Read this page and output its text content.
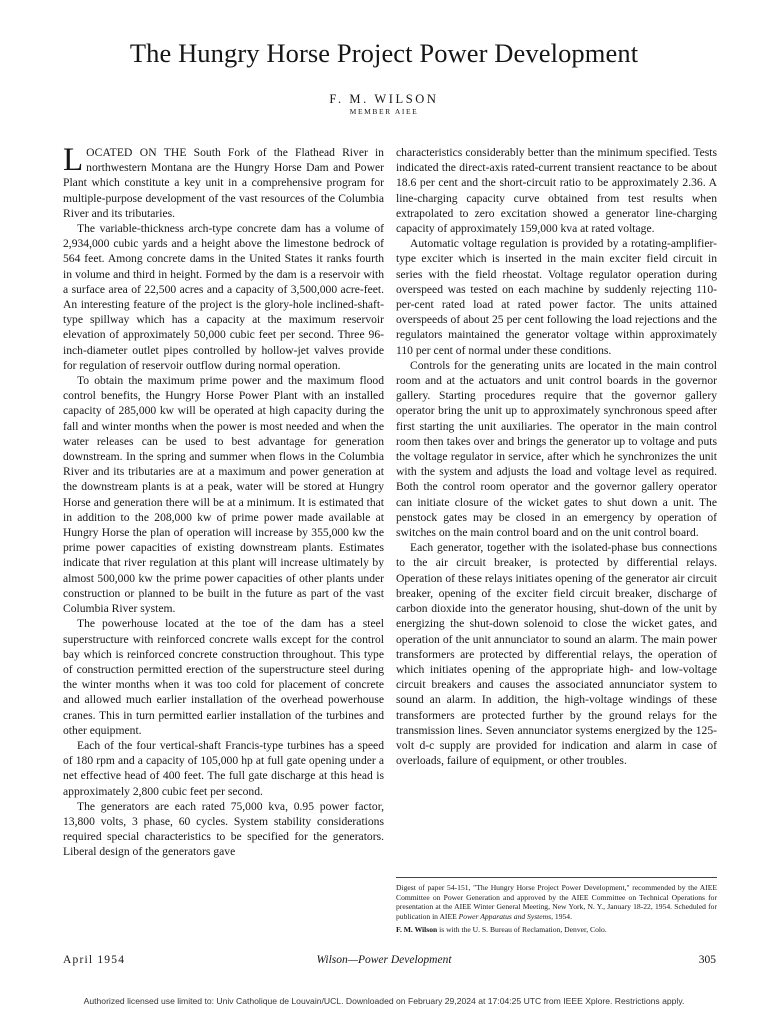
The Hungry Horse Project Power Development
F. M. WILSON
MEMBER AIEE

LOCATED ON THE South Fork of the Flathead River in northwestern Montana are the Hungry Horse Dam and Power Plant which constitute a key unit in a comprehensive program for multiple-purpose development of the vast resources of the Columbia River and its tributaries.

The variable-thickness arch-type concrete dam has a volume of 2,934,000 cubic yards and a height above the limestone bedrock of 564 feet. Among concrete dams in the United States it ranks fourth in volume and third in height. Formed by the dam is a reservoir with a surface area of 22,500 acres and a capacity of 3,500,000 acre-feet. An interesting feature of the project is the glory-hole inclined-shaft-type spillway which has a capacity at the maximum reservoir elevation of approximately 50,000 cubic feet per second. Three 96-inch-diameter outlet pipes controlled by hollow-jet valves provide for regulation of reservoir outflow during normal operation.

To obtain the maximum prime power and the maximum flood control benefits, the Hungry Horse Power Plant with an installed capacity of 285,000 kw will be operated at high capacity during the fall and winter months when the power is most needed and when the water releases can be used to best advantage for generation downstream. In the spring and summer when flows in the Columbia River and its tributaries are at a maximum and power generation at the downstream plants is at a peak, water will be stored at Hungry Horse and generation there will be at a minimum. It is estimated that in addition to the 208,000 kw of prime power made available at Hungry Horse the plan of operation will increase by 355,000 kw the prime power capacities of existing downstream plants. Estimates indicate that river regulation at this plant will increase ultimately by almost 500,000 kw the prime power capacities of other plants under construction or planned to be built in the future as part of the vast Columbia River system.

The powerhouse located at the toe of the dam has a steel superstructure with reinforced concrete walls except for the control bay which is reinforced concrete construction throughout. This type of construction permitted erection of the superstructure steel during the winter months when it was too cold for placement of concrete and allowed much earlier installation of the overhead powerhouse cranes. This in turn permitted earlier installation of the turbines and other equipment.

Each of the four vertical-shaft Francis-type turbines has a speed of 180 rpm and a capacity of 105,000 hp at full gate opening under a net effective head of 400 feet. The full gate discharge at this head is approximately 2,800 cubic feet per second.

The generators are each rated 75,000 kva, 0.95 power factor, 13,800 volts, 3 phase, 60 cycles. System stability considerations required special characteristics to be specified for the generators. Liberal design of the generators gave

characteristics considerably better than the minimum specified. Tests indicated the direct-axis rated-current transient reactance to be about 18.6 per cent and the short-circuit ratio to be approximately 2.36. A line-charging capacity curve obtained from test results when extrapolated to zero excitation showed a generator line-charging capacity of approximately 159,000 kva at rated voltage.

Automatic voltage regulation is provided by a rotating-amplifier-type exciter which is inserted in the main exciter field circuit in series with the field rheostat. Voltage regulator operation during overspeed was tested on each machine by suddenly rejecting 110-per-cent rated load at rated power factor. The units attained overspeeds of about 25 per cent following the load rejections and the regulators maintained the generator voltage within approximately 110 per cent of normal under these conditions.

Controls for the generating units are located in the main control room and at the actuators and unit control boards in the governor gallery. Starting procedures require that the governor gallery operator bring the unit up to approximately synchronous speed after first starting the unit auxiliaries. The operator in the main control room then takes over and brings the generator up to voltage and puts the voltage regulator in service, after which he synchronizes the unit with the system and adjusts the load and voltage level as required. Both the control room operator and the governor gallery operator can initiate closure of the wicket gates to shut down a unit. The penstock gates may be closed in an emergency by operation of switches on the main control board and on the unit control board.

Each generator, together with the isolated-phase bus connections to the air circuit breaker, is protected by differential relays. Operation of these relays initiates opening of the generator air circuit breaker, opening of the exciter field circuit breaker, discharge of carbon dioxide into the generator housing, shut-down of the unit by energizing the shut-down solenoid to close the wicket gates, and operation of the unit annunciator to sound an alarm. The main power transformers are protected by differential relays, the operation of which initiates opening of the appropriate high- and low-voltage circuit breakers and causes the associated annunciator system to sound an alarm. In addition, the high-voltage windings of these transformers are protected further by the ground relays for the transmission lines. Seven annunciator systems energized by the 125-volt d-c supply are provided for indication and alarm in case of overloads, failure of equipment, or other troubles.

Digest of paper 54-151, "The Hungry Horse Project Power Development," recommended by the AIEE Committee on Power Generation and approved by the AIEE Committee on Technical Operations for presentation at the AIEE Winter General Meeting, New York, N. Y., January 18-22, 1954. Scheduled for publication in AIEE Power Apparatus and Systems, 1954.

F. M. Wilson is with the U. S. Bureau of Reclamation, Denver, Colo.

April 1954	Wilson—Power Development	305
Authorized licensed use limited to: Univ Catholique de Louvain/UCL. Downloaded on February 29,2024 at 17:04:25 UTC from IEEE Xplore. Restrictions apply.
